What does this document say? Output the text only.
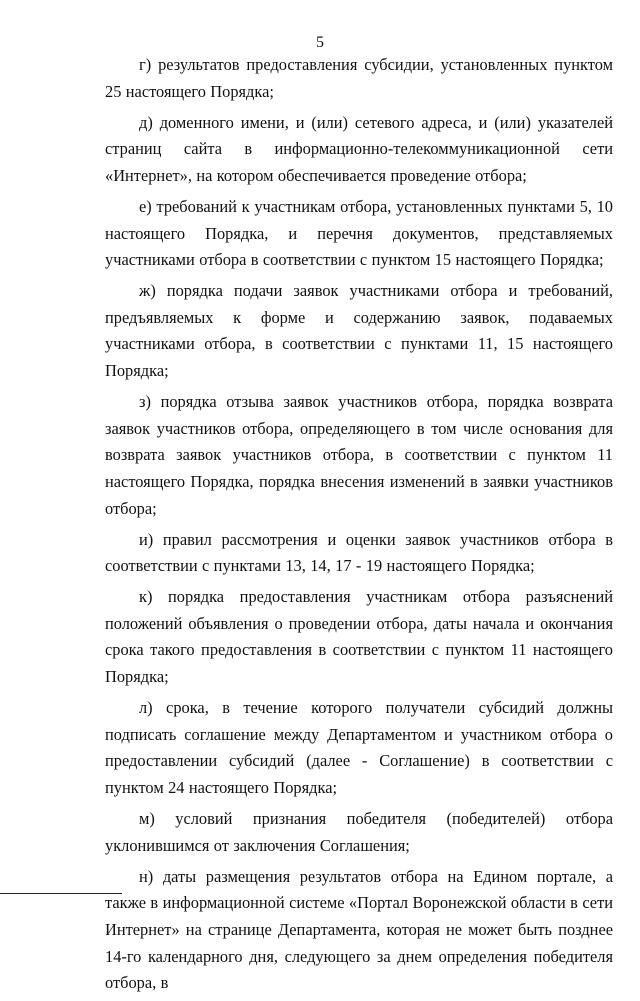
5

г) результатов предоставления субсидии, установленных пунктом 25 настоящего Порядка;

д) доменного имени, и (или) сетевого адреса, и (или) указателей страниц сайта в информационно-телекоммуникационной сети «Интернет», на котором обеспечивается проведение отбора;

е) требований к участникам отбора, установленных пунктами 5, 10 настоящего Порядка, и перечня документов, представляемых участниками отбора в соответствии с пунктом 15 настоящего Порядка;

ж) порядка подачи заявок участниками отбора и требований, предъявляемых к форме и содержанию заявок, подаваемых участниками отбора, в соответствии с пунктами 11, 15 настоящего Порядка;

з) порядка отзыва заявок участников отбора, порядка возврата заявок участников отбора, определяющего в том числе основания для возврата заявок участников отбора, в соответствии с пунктом 11 настоящего Порядка, порядка внесения изменений в заявки участников отбора;

и) правил рассмотрения и оценки заявок участников отбора в соответствии с пунктами 13, 14, 17 - 19 настоящего Порядка;

к) порядка предоставления участникам отбора разъяснений положений объявления о проведении отбора, даты начала и окончания срока такого предоставления в соответствии с пунктом 11 настоящего Порядка;

л) срока, в течение которого получатели субсидий должны подписать соглашение между Департаментом и участником отбора о предоставлении субсидий (далее - Соглашение) в соответствии с пунктом 24 настоящего Порядка;

м) условий признания победителя (победителей) отбора уклонившимся от заключения Соглашения;

н) даты размещения результатов отбора на Едином портале, а также в информационной системе «Портал Воронежской области в сети Интернет» на странице Департамента, которая не может быть позднее 14-го календарного дня, следующего за днем определения победителя отбора, в
